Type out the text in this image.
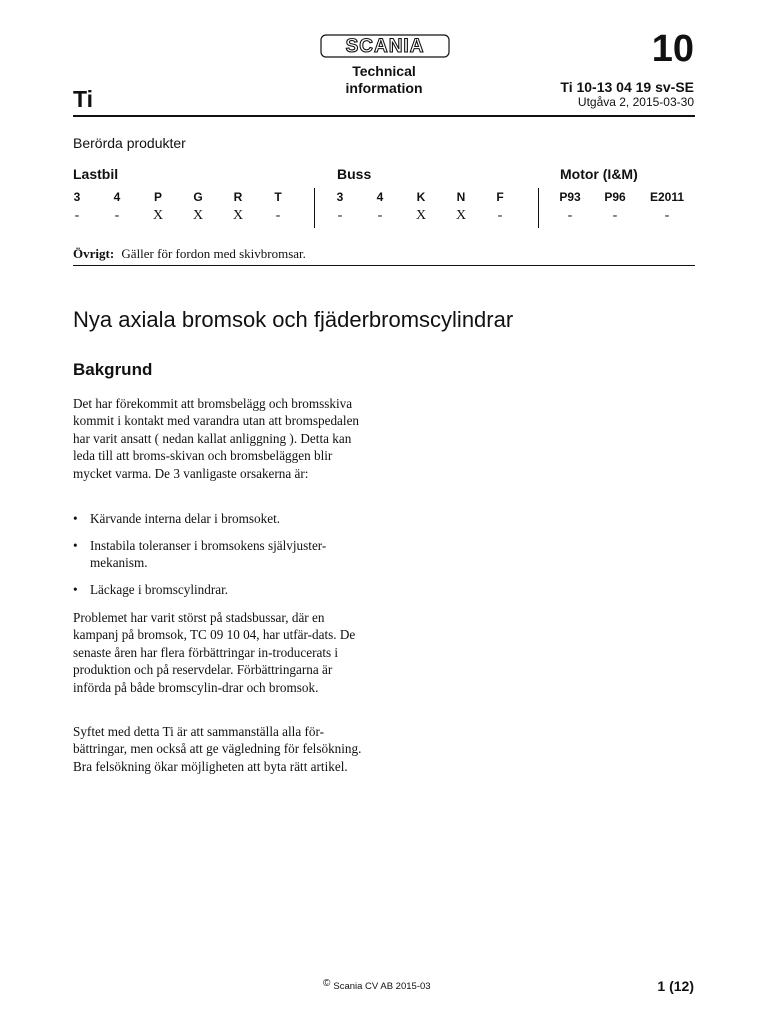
SCANIA
Technical information
Ti
10
Ti 10-13 04 19 sv-SE
Utgåva 2, 2015-03-30
Berörda produkter
Lastbil	Buss	Motor (I&M)
3	4	P	G	R	T
-	-	X	X	X	-
3	4	K	N	F
-	-	X	X	-
P93	P96	E2011
-	-	-
Övrigt: Gäller för fordon med skivbromsar.
Nya axiala bromsok och fjäderbromscylindrar
Bakgrund

Det har förekommit att bromsbelägg och bromsskiva kommit i kontakt med varandra utan att bromspedalen har varit ansatt ( nedan kallat anliggning ). Detta kan leda till att broms-skivan och bromsbeläggen blir mycket varma. De 3 vanligaste orsakerna är:

• Kärvande interna delar i bromsoket.
• Instabila toleranser i bromsokens självjuster-mekanism.
• Läckage i bromscylindrar.

Problemet har varit störst på stadsbussar, där en kampanj på bromsok, TC 09 10 04, har utfär-dats. De senaste åren har flera förbättringar in-troducerats i produktion och på reservdelar. Förbättringarna är införda på både bromscylin-drar och bromsok.

Syftet med detta Ti är att sammanställa alla för-bättringar, men också att ge vägledning för felsökning. Bra felsökning ökar möjligheten att byta rätt artikel.

© Scania CV AB 2015-03	1 (12)
